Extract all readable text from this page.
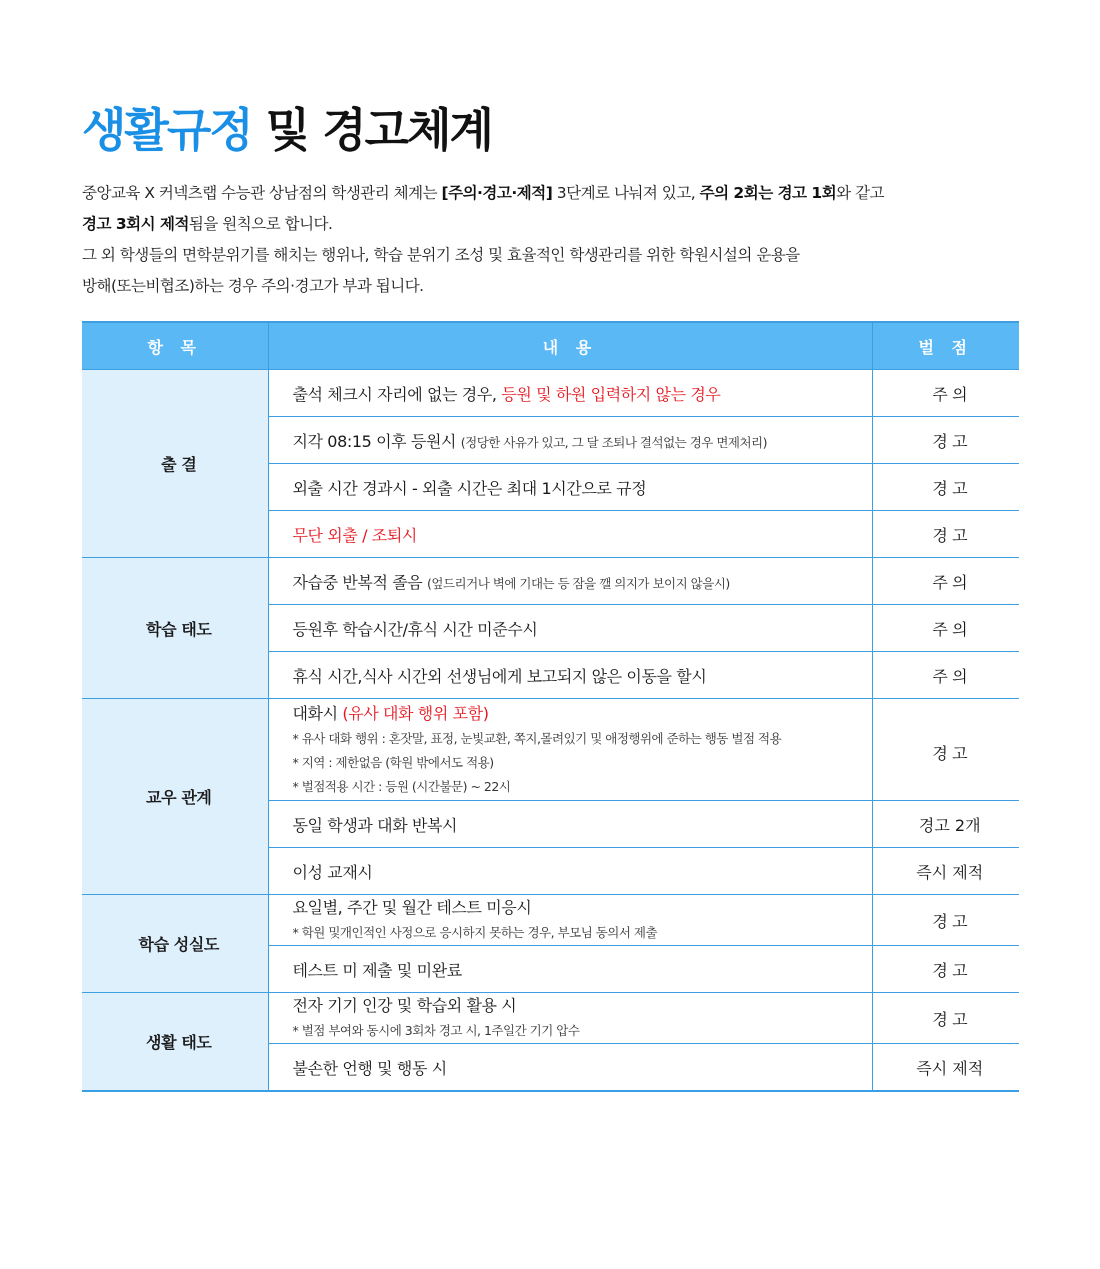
생활규정 및 경고체계

중앙교육 X 커넥츠랩 수능관 상남점의 학생관리 체계는 [주의·경고·제적] 3단계로 나눠져 있고, 주의 2회는 경고 1회와 같고

경고 3회시 제적됨을 원칙으로 합니다.

그 외 학생들의 면학분위기를 해치는 행위나, 학습 분위기 조성 및 효율적인 학생관리를 위한 학원시설의 운용을

방해(또는비협조)하는 경우 주의·경고가 부과 됩니다.

항 목	내 용	벌 점
출 결	출석 체크시 자리에 없는 경우, 등원 및 하원 입력하지 않는 경우	주 의
	지각 08:15 이후 등원시 (정당한 사유가 있고, 그 달 조퇴나 결석없는 경우 면제처리)	경 고
	외출 시간 경과시 - 외출 시간은 최대 1시간으로 규정	경 고
	무단 외출 / 조퇴시	경 고
학습 태도	자습중 반복적 졸음 (엎드리거나 벽에 기대는 등 잠을 깰 의지가 보이지 않을시)	주 의
	등원후 학습시간/휴식 시간 미준수시	주 의
	휴식 시간,식사 시간외 선생님에게 보고되지 않은 이동을 할시	주 의
교우 관계	대화시 (유사 대화 행위 포함)
* 유사 대화 행위 : 혼잣말, 표정, 눈빛교환, 쪽지,몰려있기 및 애정행위에 준하는 행동 벌점 적용
* 지역 : 제한없음 (학원 밖에서도 적용)
* 벌점적용 시간 : 등원 (시간불문) ~ 22시	경 고
	동일 학생과 대화 반복시	경고 2개
	이성 교재시	즉시 제적
학습 성실도	요일별, 주간 및 월간 테스트 미응시
* 학원 및개인적인 사정으로 응시하지 못하는 경우, 부모님 동의서 제출	경 고
	테스트 미 제출 및 미완료	경 고
생활 태도	전자 기기 인강 및 학습외 활용 시
* 벌점 부여와 동시에 3회차 경고 시, 1주일간 기기 압수	경 고
	불손한 언행 및 행동 시	즉시 제적
